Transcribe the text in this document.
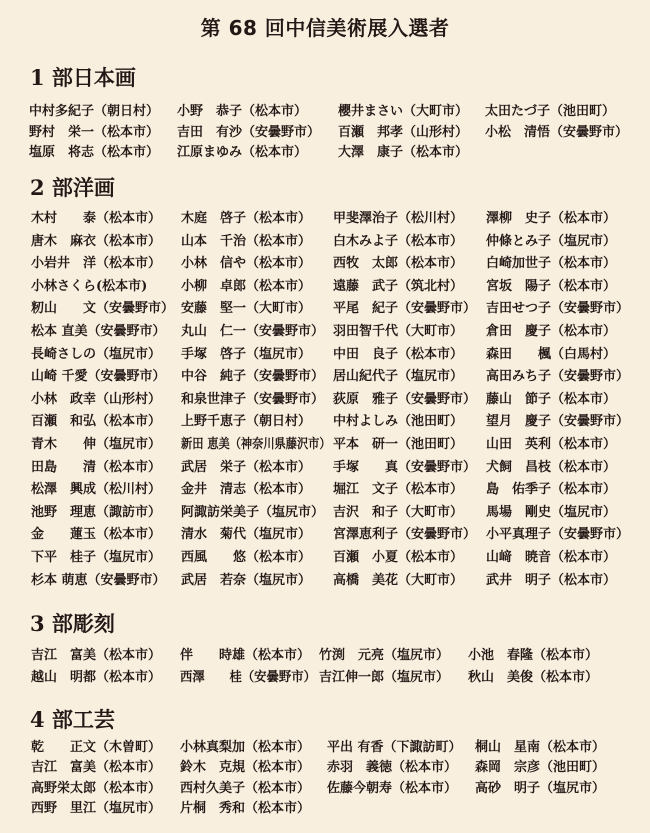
第 68 回中信美術展入選者
1 部日本画
中村多紀子（朝日村） 小野　恭子（松本市） 櫻井まさい（大町市） 太田たづ子（池田町）
野村　栄一（松本市） 吉田　有沙（安曇野市） 百瀬　邦孝（山形村） 小松　清悟（安曇野市）
塩原　将志（松本市） 江原まゆみ（松本市） 大澤　康子（松本市）
2 部洋画
木村　　泰（松本市） 木庭　啓子（松本市） 甲斐澤治子（松川村） 澤柳　史子（松本市）
唐木　麻衣（松本市） 山本　千治（松本市） 白木みよ子（松本市） 仲條とみ子（塩尻市）
小岩井　洋（松本市） 小林　信や（松本市） 西牧　太郎（松本市） 白崎加世子（松本市）
小林さくら(松本市)	小柳　卓郎（松本市） 遠藤　武子（筑北村） 宮坂　陽子（松本市）
籾山　　文（安曇野市） 安藤　堅一（大町市） 平尾　紀子（安曇野市） 吉田せつ子（安曇野市）
松本 直美（安曇野市） 丸山　仁一（安曇野市） 羽田智千代（大町市） 倉田　慶子（松本市）
長崎さしの（塩尻市） 手塚　啓子（塩尻市） 中田　良子（松本市） 森田　　楓（白馬村）
山崎 千愛（安曇野市） 中谷　純子（安曇野市） 居山紀代子（塩尻市） 高田みち子（安曇野市）
小林　政幸（山形村） 和泉世津子（安曇野市） 荻原　雅子（安曇野市） 藤山　節子（松本市）
百瀬　和弘（松本市） 上野千恵子（朝日村） 中村よしみ（池田町） 望月　慶子（安曇野市）
青木　　伸（塩尻市） 新田 恵美（神奈川県藤沢市） 平本　研一（池田町） 山田　英利（松本市）
田島　　清（松本市） 武居　栄子（松本市） 手塚　　真（安曇野市） 犬飼　昌枝（松本市）
松澤　興成（松川村） 金井　清志（松本市） 堀江　文子（松本市） 島　佑季子（松本市）
池野　理恵（諏訪市） 阿諏訪栄美子（塩尻市） 吉沢　和子（大町市） 馬場　剛史（塩尻市）
金　　蓮玉（松本市） 清水　菊代（塩尻市） 宮澤恵利子（安曇野市） 小平真理子（安曇野市）
下平　桂子（塩尻市） 西風　　悠（松本市） 百瀬　小夏（松本市） 山﨑　暁音（松本市）
杉本 萌恵（安曇野市） 武居　若奈（塩尻市） 高橋　美花（大町市） 武井　明子（松本市）
3 部彫刻
吉江　富美（松本市） 伴　　時雄（松本市） 竹渕　元亮（塩尻市） 小池　春隆（松本市）
越山　明都（松本市） 西澤　　桂（安曇野市） 吉江伸一郎（塩尻市） 秋山　美俊（松本市）
4 部工芸
乾　　正文（木曽町） 小林真梨加（松本市） 平出 有香（下諏訪町） 桐山　星南（松本市）
吉江　富美（松本市） 鈴木　克規（松本市） 赤羽　義徳（松本市） 森岡　宗彦（池田町）
高野栄太郎（松本市） 西村久美子（松本市） 佐藤今朝寿（松本市） 高砂　明子（塩尻市）
西野　里江（塩尻市） 片桐　秀和（松本市）
